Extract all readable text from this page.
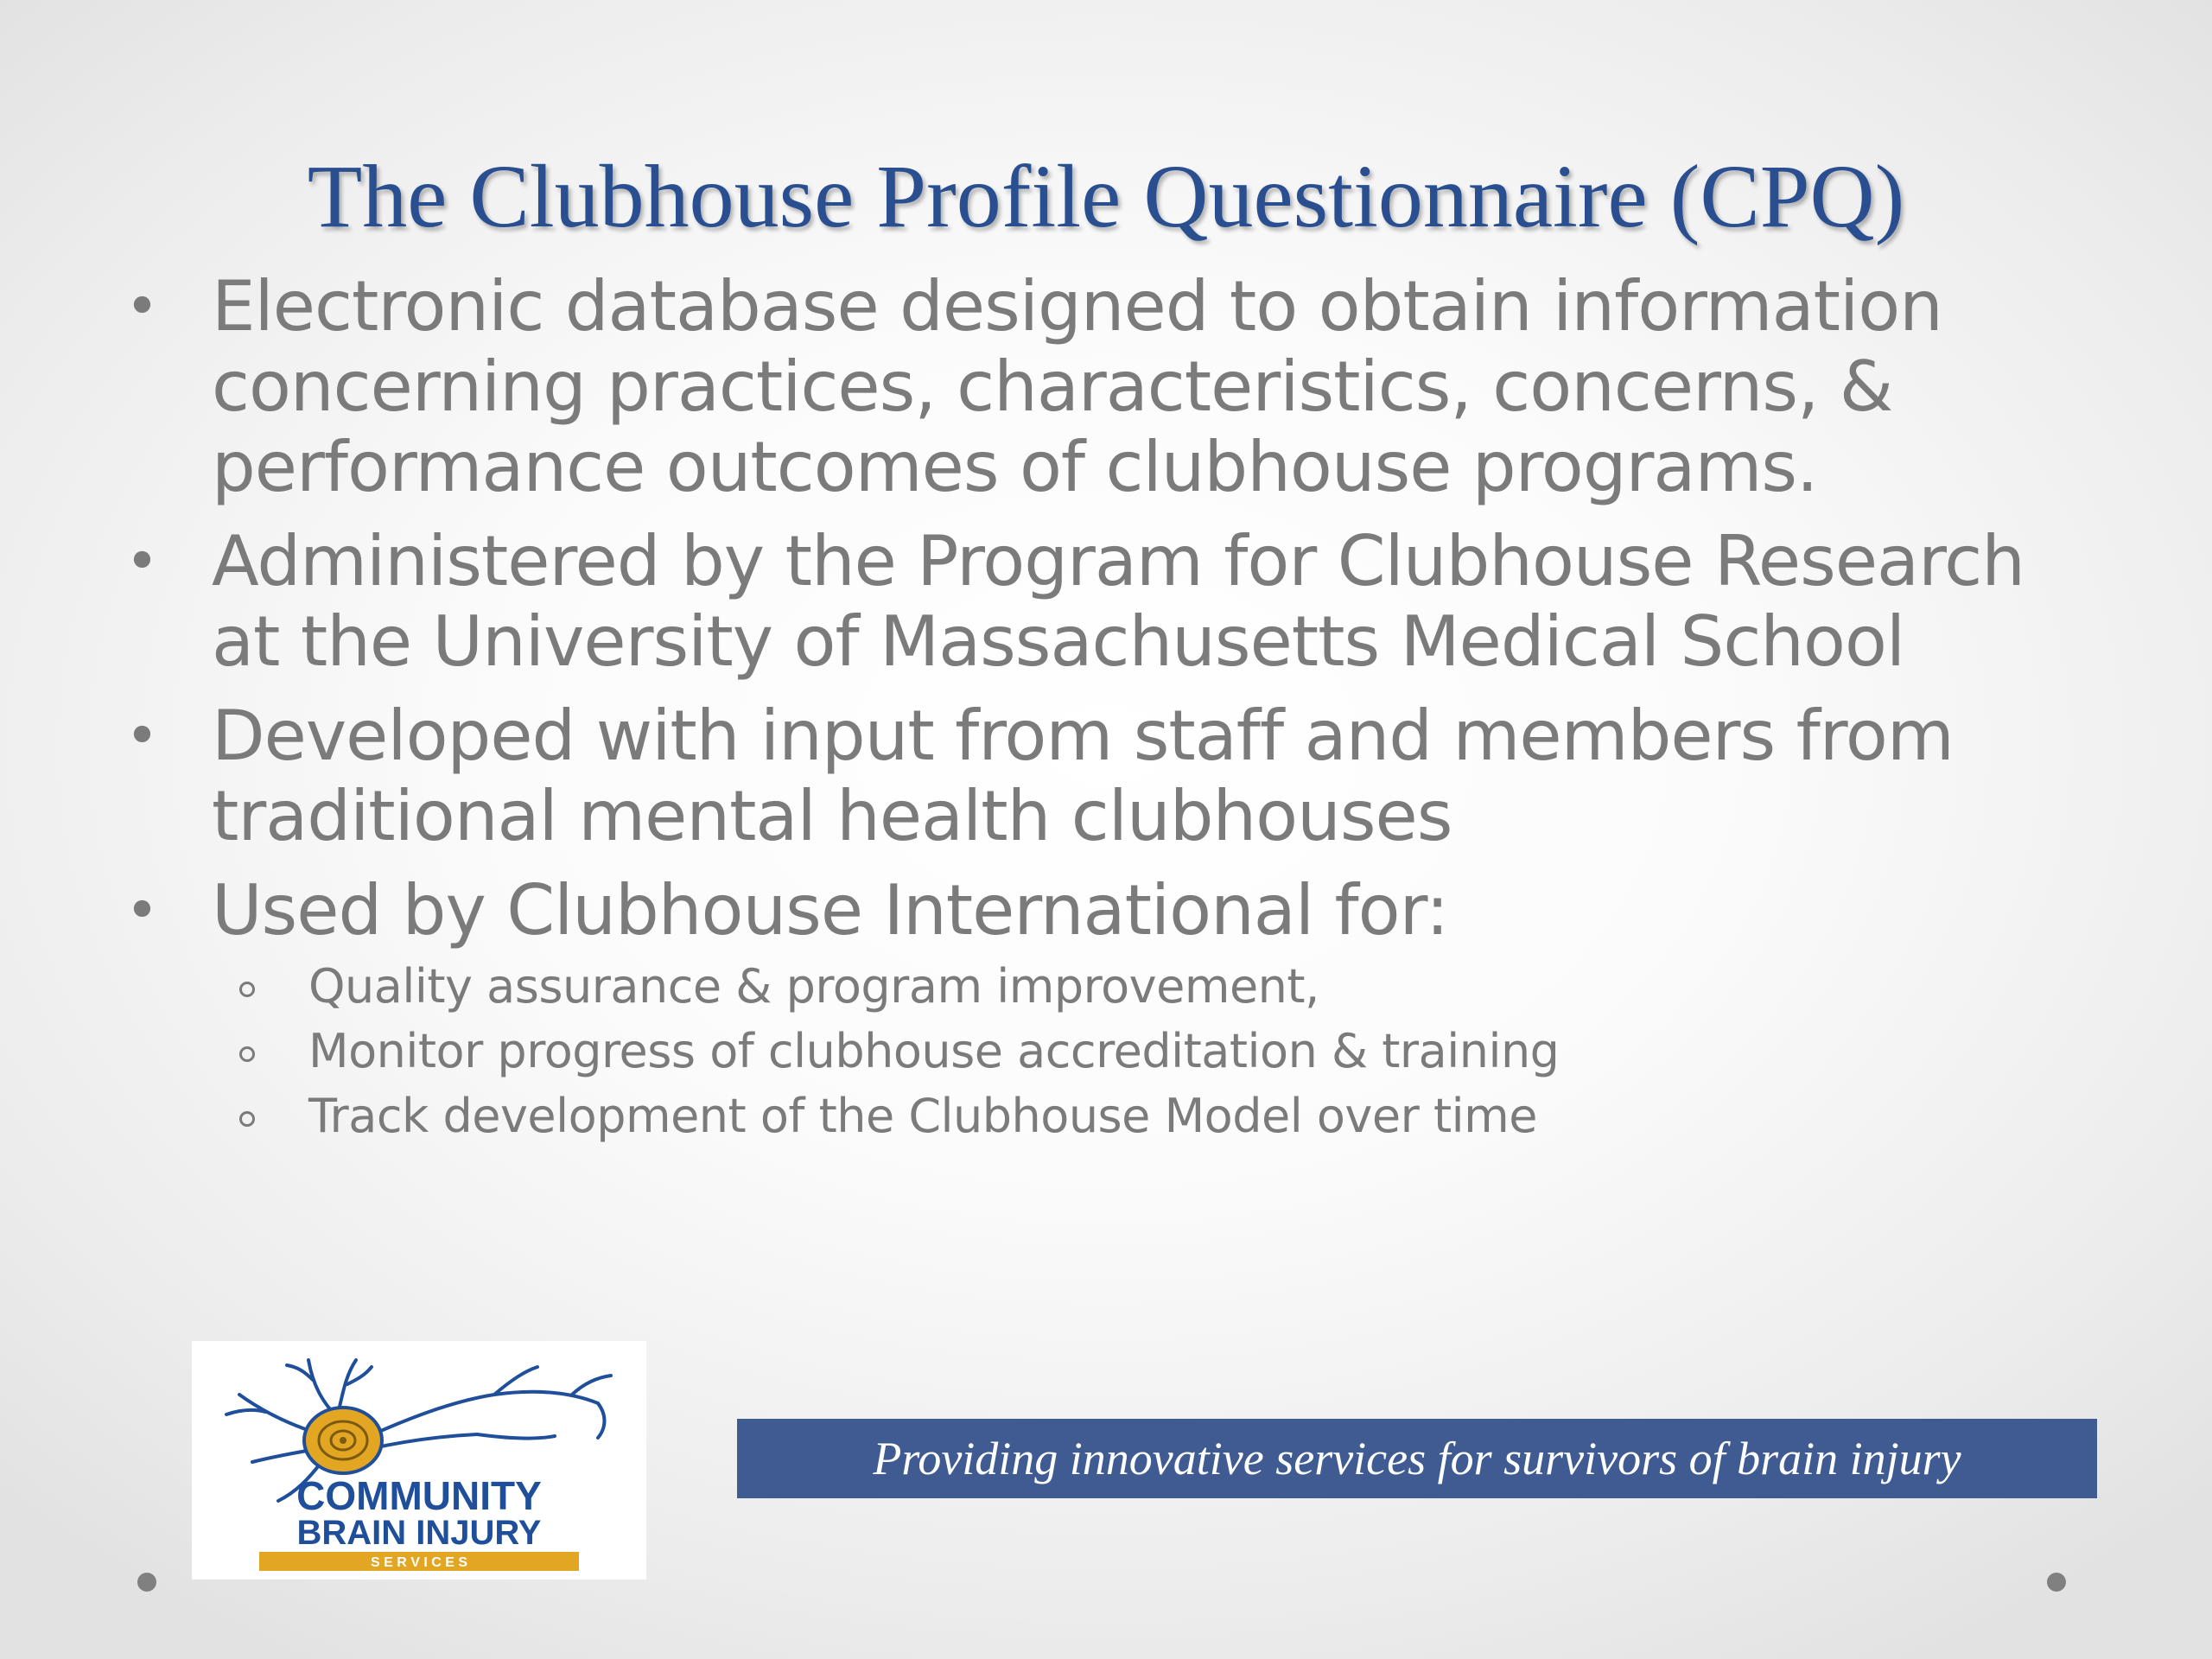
The Clubhouse Profile Questionnaire (CPQ)
• Electronic database designed to obtain information concerning practices, characteristics, concerns, & performance outcomes of clubhouse programs.
• Administered by the Program for Clubhouse Research at the University of Massachusetts Medical School
• Developed with input from staff and members from traditional mental health clubhouses
• Used by Clubhouse International for:
Quality assurance & program improvement,
Monitor progress of clubhouse accreditation & training
Track development of the Clubhouse Model over time
COMMUNITY
BRAIN INJURY
S E R V I C E S
Providing innovative services for survivors of brain injury
